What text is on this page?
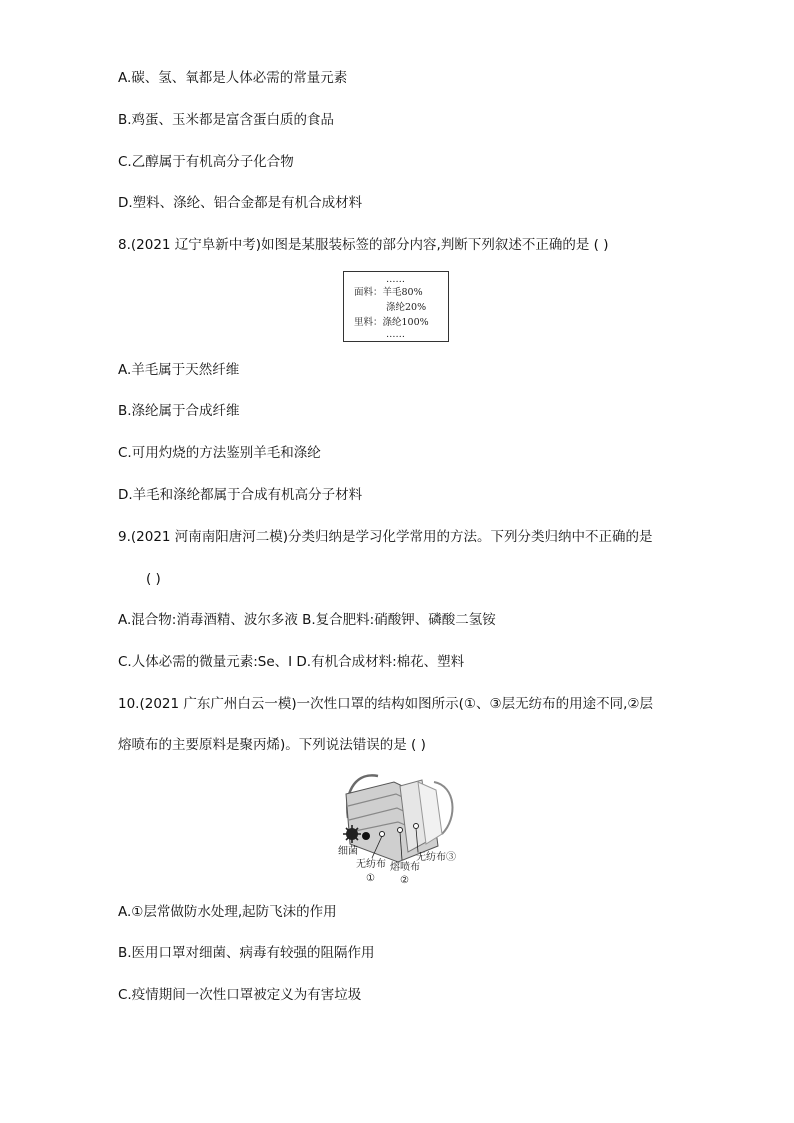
A.碳、氢、氧都是人体必需的常量元素
B.鸡蛋、玉米都是富含蛋白质的食品
C.乙醇属于有机高分子化合物
D.塑料、涤纶、铝合金都是有机合成材料
8.(2021 辽宁阜新中考)如图是某服装标签的部分内容,判断下列叙述不正确的是 ( )
……
面料：羊毛80%
涤纶20%
里料：涤纶100%
……
A.羊毛属于天然纤维
B.涤纶属于合成纤维
C.可用灼烧的方法鉴别羊毛和涤纶
D.羊毛和涤纶都属于合成有机高分子材料
9.(2021 河南南阳唐河二模)分类归纳是学习化学常用的方法。下列分类归纳中不正确的是
( )
A.混合物:消毒酒精、波尔多液 B.复合肥料:硝酸钾、磷酸二氢铵
C.人体必需的微量元素:Se、I D.有机合成材料:棉花、塑料
10.(2021 广东广州白云一模)一次性口罩的结构如图所示(①、③层无纺布的用途不同,②层
熔喷布的主要原料是聚丙烯)。下列说法错误的是 ( )
细菌
无纺布
①
熔喷布
②
无纺布③
A.①层常做防水处理,起防飞沫的作用
B.医用口罩对细菌、病毒有较强的阻隔作用
C.疫情期间一次性口罩被定义为有害垃圾
